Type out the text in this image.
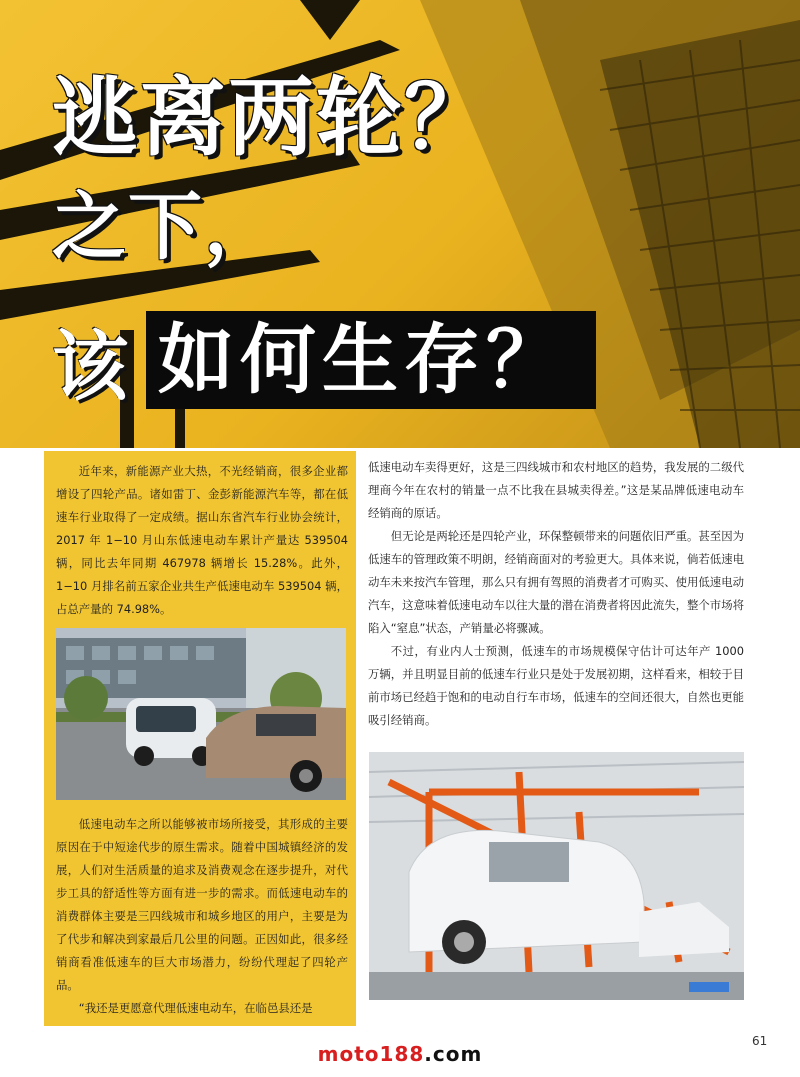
逃离两轮？
之下，
该 如何生存？

近年来，新能源产业大热，不光经销商，很多企业都增设了四轮产品。诸如雷丁、金彭新能源汽车等，都在低速车行业取得了一定成绩。据山东省汽车行业协会统计，2017 年 1−10 月山东低速电动车累计产量达 539504 辆，同比去年同期 467978 辆增长 15.28%。此外，1−10 月排名前五家企业共生产低速电动车 539504 辆，占总产量的 74.98%。

低速电动车之所以能够被市场所接受，其形成的主要原因在于中短途代步的原生需求。随着中国城镇经济的发展，人们对生活质量的追求及消费观念在逐步提升，对代步工具的舒适性等方面有进一步的需求。而低速电动车的消费群体主要是三四线城市和城乡地区的用户，主要是为了代步和解决到家最后几公里的问题。正因如此，很多经销商看准低速车的巨大市场潜力，纷纷代理起了四轮产品。

“我还是更愿意代理低速电动车，在临邑县还是

低速电动车卖得更好，这是三四线城市和农村地区的趋势，我发展的二级代理商今年在农村的销量一点不比我在县城卖得差。”这是某品牌低速电动车经销商的原话。

但无论是两轮还是四轮产业，环保整顿带来的问题依旧严重。甚至因为低速车的管理政策不明朗，经销商面对的考验更大。具体来说，倘若低速电动车未来按汽车管理，那么只有拥有驾照的消费者才可购买、使用低速电动汽车，这意味着低速电动车以往大量的潜在消费者将因此流失，整个市场将陷入“窒息”状态，产销量必将骤减。

不过，有业内人士预测，低速车的市场规模保守估计可达年产 1000 万辆，并且明显目前的低速车行业只是处于发展初期，这样看来，相较于目前市场已经趋于饱和的电动自行车市场，低速车的空间还很大，自然也更能吸引经销商。

61
moto188.com
